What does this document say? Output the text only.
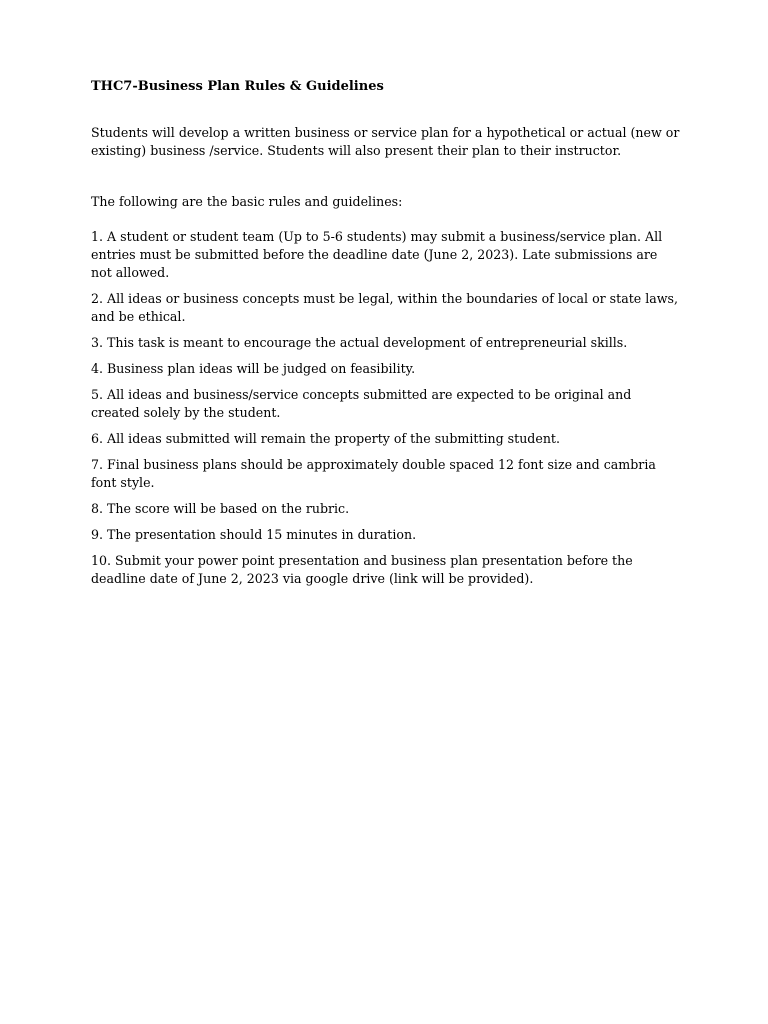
THC7-Business Plan Rules & Guidelines

Students will develop a written business or service plan for a hypothetical or actual (new or existing) business /service. Students will also present their plan to their instructor.

The following are the basic rules and guidelines:

1. A student or student team (Up to 5-6 students) may submit a business/service plan. All entries must be submitted before the deadline date (June 2, 2023). Late submissions are not allowed.
2. All ideas or business concepts must be legal, within the boundaries of local or state laws, and be ethical.
3. This task is meant to encourage the actual development of entrepreneurial skills.
4. Business plan ideas will be judged on feasibility.
5. All ideas and business/service concepts submitted are expected to be original and created solely by the student.
6. All ideas submitted will remain the property of the submitting student.
7. Final business plans should be approximately double spaced 12 font size and cambria font style.
8. The score will be based on the rubric.
9. The presentation should 15 minutes in duration.
10. Submit your power point presentation and business plan presentation before the deadline date of June 2, 2023 via google drive (link will be provided).
